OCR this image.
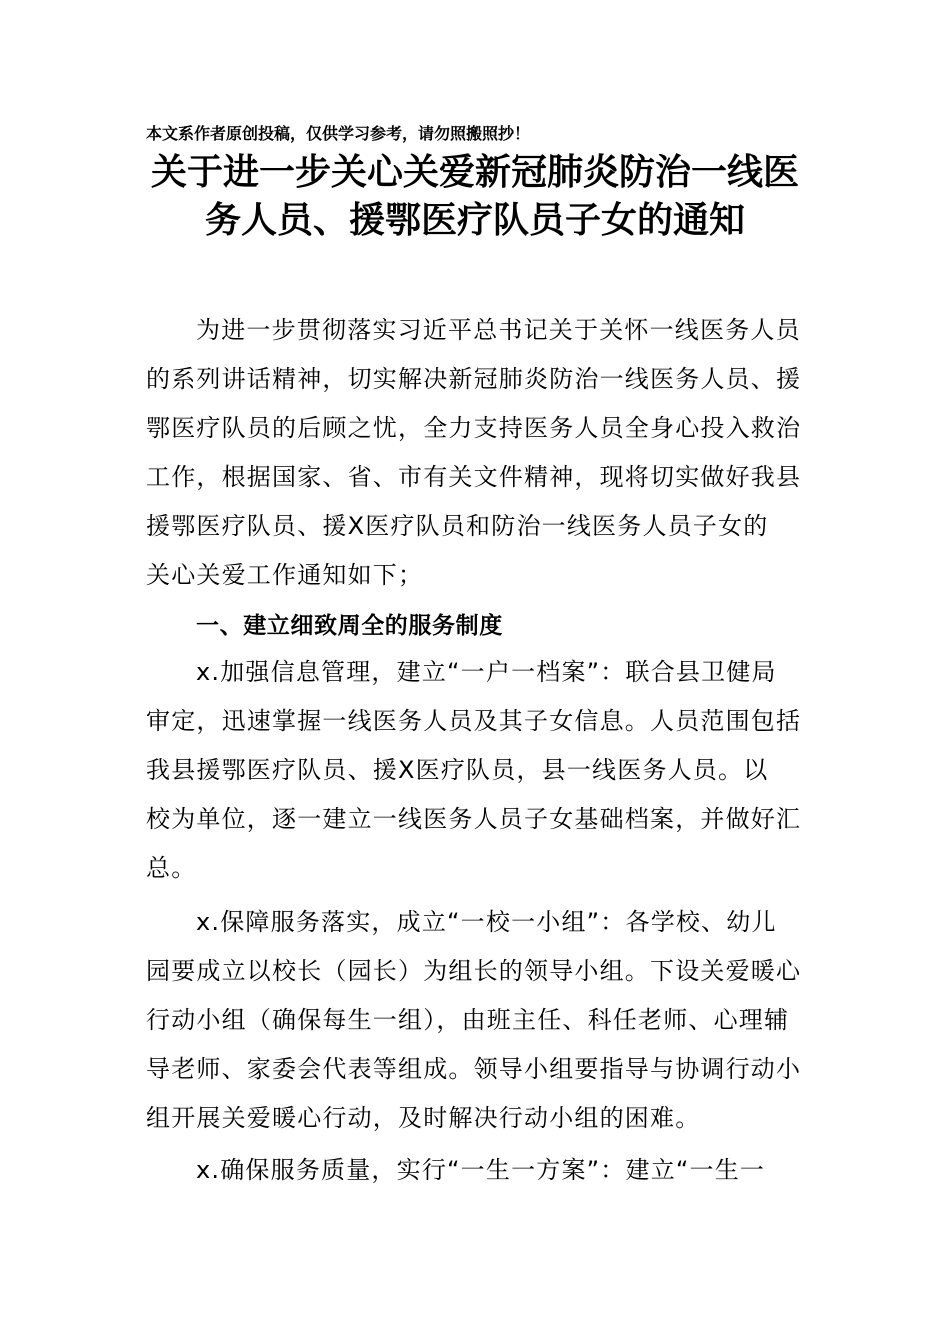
本文系作者原创投稿，仅供学习参考，请勿照搬照抄！
关于进一步关心关爱新冠肺炎防治一线医
务人员、援鄂医疗队员子女的通知
为进一步贯彻落实习近平总书记关于关怀一线医务人员
的系列讲话精神，切实解决新冠肺炎防治一线医务人员、援
鄂医疗队员的后顾之忧，全力支持医务人员全身心投入救治
工作，根据国家、省、市有关文件精神，现将切实做好我县
援鄂医疗队员、援X医疗队员和防治一线医务人员子女的
关心关爱工作通知如下；
一、建立细致周全的服务制度
x.加强信息管理，建立“一户一档案”：联合县卫健局
审定，迅速掌握一线医务人员及其子女信息。人员范围包括
我县援鄂医疗队员、援X医疗队员，县一线医务人员。以
校为单位，逐一建立一线医务人员子女基础档案，并做好汇
总。
x.保障服务落实，成立“一校一小组”：各学校、幼儿
园要成立以校长（园长）为组长的领导小组。下设关爱暖心
行动小组（确保每生一组），由班主任、科任老师、心理辅
导老师、家委会代表等组成。领导小组要指导与协调行动小
组开展关爱暖心行动，及时解决行动小组的困难。
x.确保服务质量，实行“一生一方案”：建立“一生一
